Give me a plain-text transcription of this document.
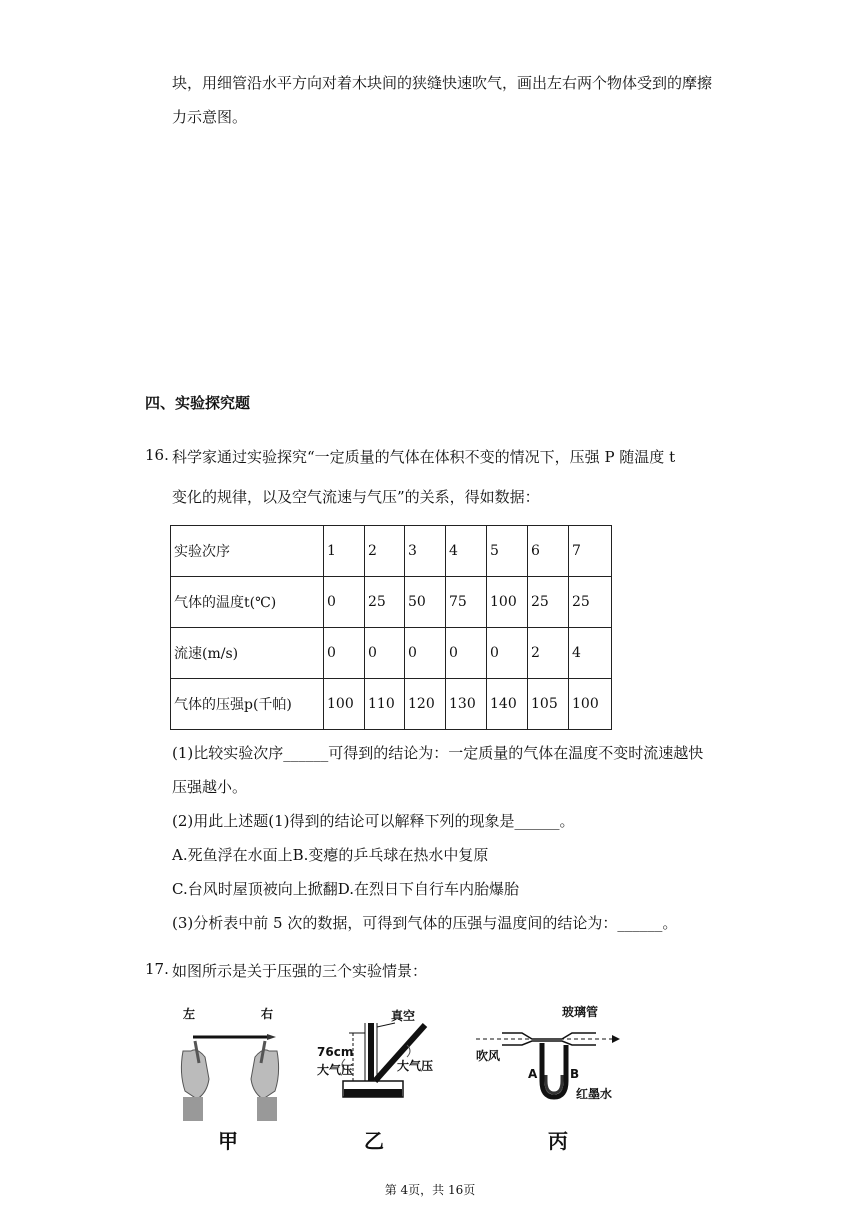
块，用细管沿水平方向对着木块间的狭缝快速吹气，画出左右两个物体受到的摩擦
力示意图。
四、实验探究题
16. 科学家通过实验探究“一定质量的气体在体积不变的情况下，压强 P 随温度 t
变化的规律，以及空气流速与气压”的关系，得如数据：
实验次序	1	2	3	4	5	6	7
气体的温度t(℃)	0	25	50	75	100	25	25
流速(m/s)	0	0	0	0	0	2	4
气体的压强p(千帕)	100	110	120	130	140	105	100
(1)比较实验次序______可得到的结论为：一定质量的气体在温度不变时流速越快
压强越小。
(2)用此上述题(1)得到的结论可以解释下列的现象是______。
A.死鱼浮在水面上B.变瘪的乒乓球在热水中复原
C.台风时屋顶被向上掀翻D.在烈日下自行车内胎爆胎
(3)分析表中前 5 次的数据，可得到气体的压强与温度间的结论为：______。
17. 如图所示是关于压强的三个实验情景：
左	右
甲
真空
76cm
大气压	大气压
乙
玻璃管
吹风
A	B
红墨水
丙
第 4页，共 16页
